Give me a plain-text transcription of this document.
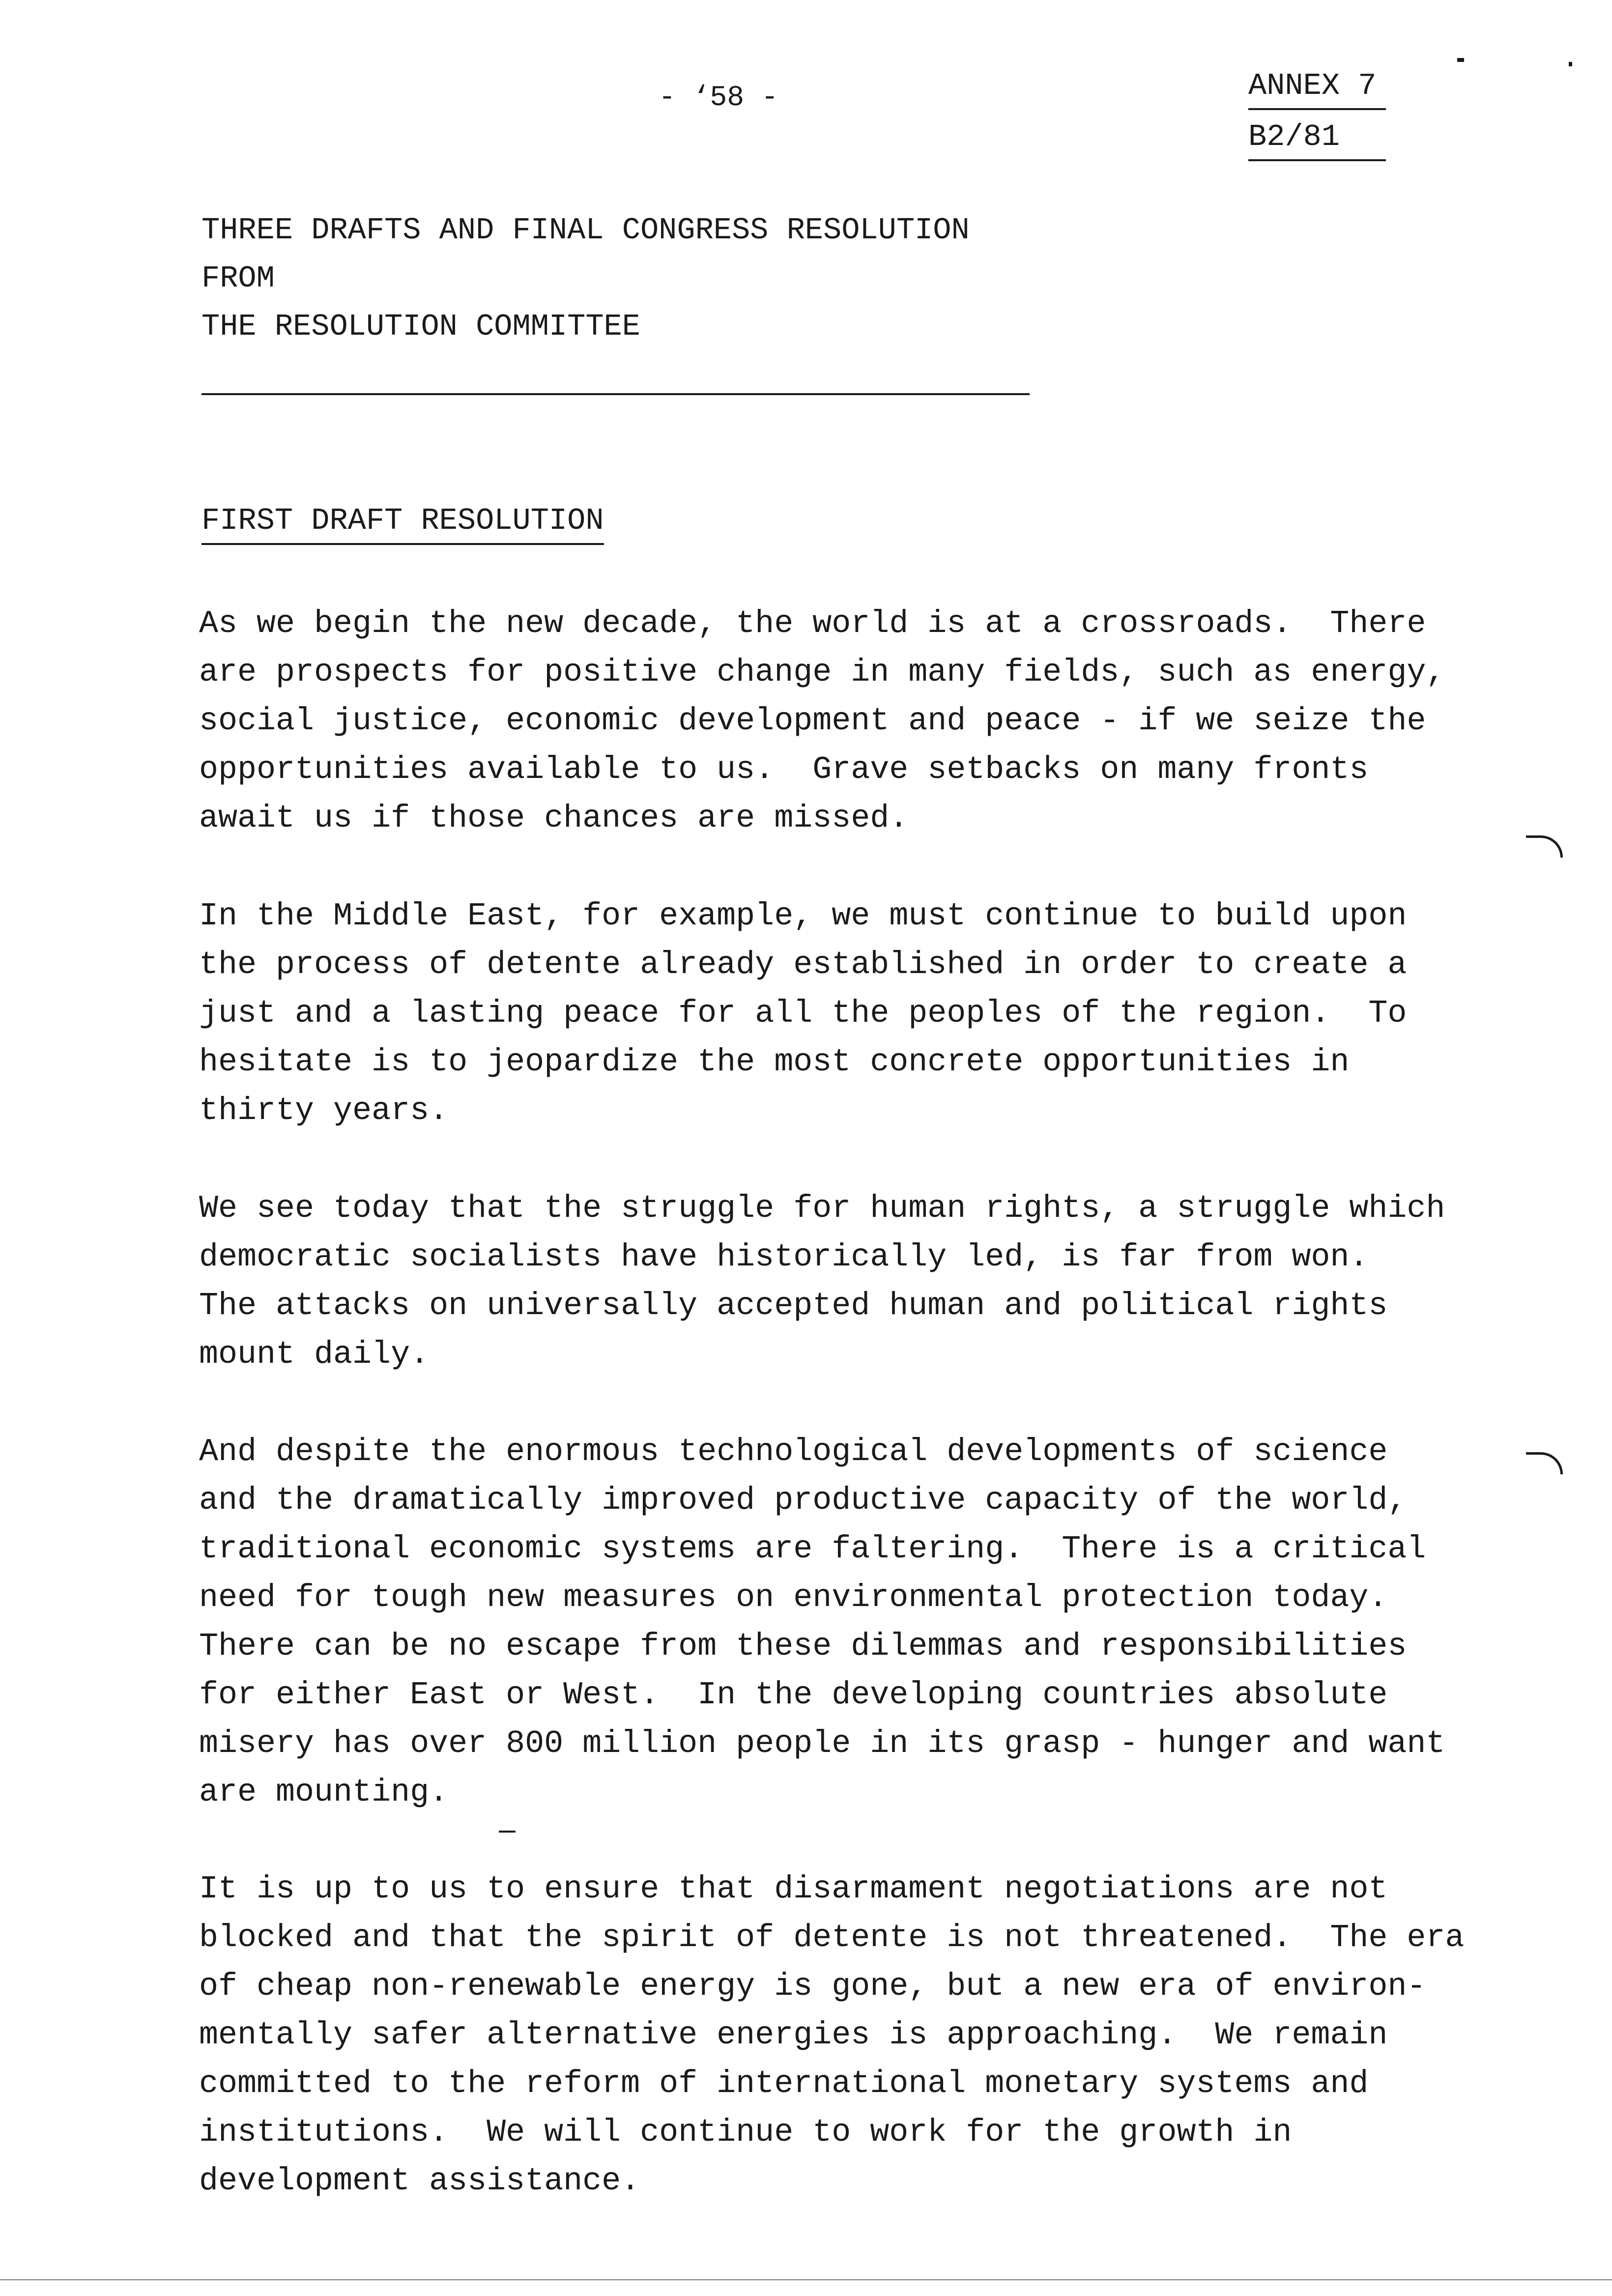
- ‘58 -	ANNEX 7
B2/81
THREE DRAFTS AND FINAL CONGRESS RESOLUTION
FROM
THE RESOLUTION COMMITTEE
FIRST DRAFT RESOLUTION
As we begin the new decade, the world is at a crossroads.  There
are prospects for positive change in many fields, such as energy,
social justice, economic development and peace - if we seize the
opportunities available to us.  Grave setbacks on many fronts
await us if those chances are missed.
In the Middle East, for example, we must continue to build upon
the process of detente already established in order to create a
just and a lasting peace for all the peoples of the region.  To
hesitate is to jeopardize the most concrete opportunities in
thirty years.
We see today that the struggle for human rights, a struggle which
democratic socialists have historically led, is far from won.
The attacks on universally accepted human and political rights
mount daily.
And despite the enormous technological developments of science
and the dramatically improved productive capacity of the world,
traditional economic systems are faltering.  There is a critical
need for tough new measures on environmental protection today.
There can be no escape from these dilemmas and responsibilities
for either East or West.  In the developing countries absolute
misery has over 800 million people in its grasp - hunger and want
are mounting.
It is up to us to ensure that disarmament negotiations are not
blocked and that the spirit of detente is not threatened.  The era
of cheap non-renewable energy is gone, but a new era of environ-
mentally safer alternative energies is approaching.  We remain
committed to the reform of international monetary systems and
institutions.  We will continue to work for the growth in
development assistance.
